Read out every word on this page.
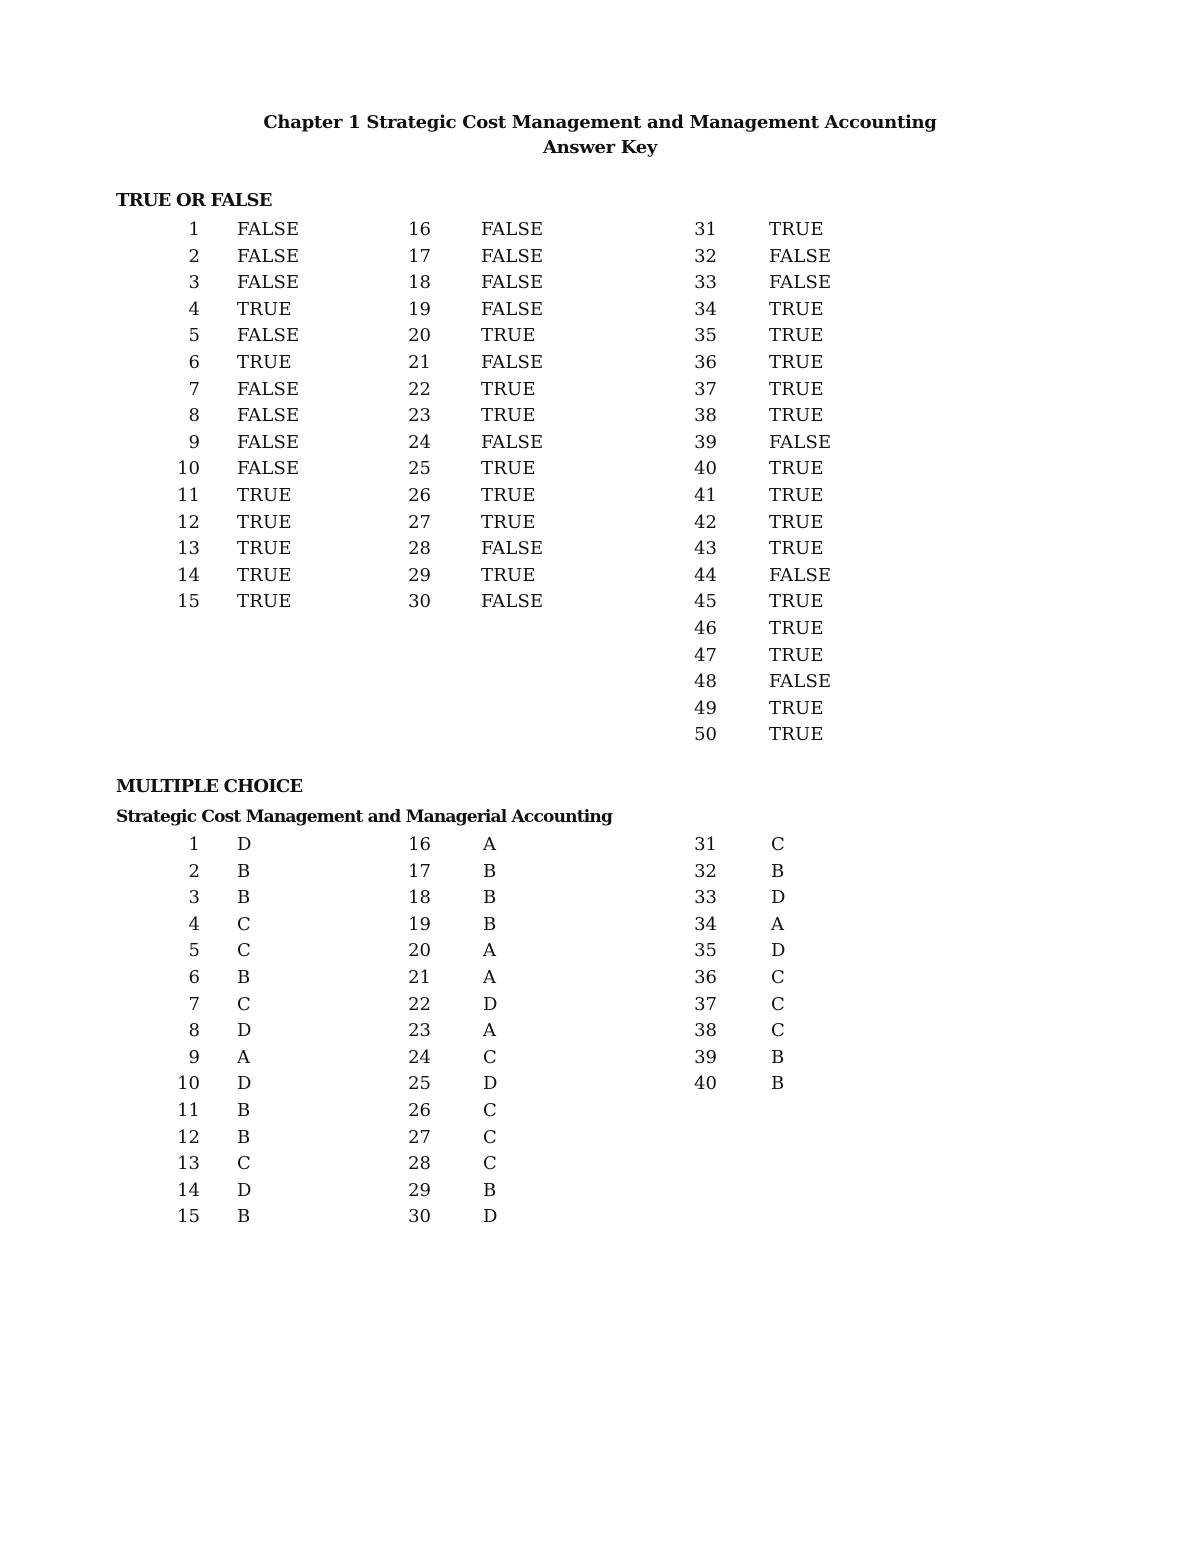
Chapter 1 Strategic Cost Management and Management Accounting
Answer Key
TRUE OR FALSE
1 FALSE
2 FALSE
3 FALSE
4 TRUE
5 FALSE
6 TRUE
7 FALSE
8 FALSE
9 FALSE
10 FALSE
11 TRUE
12 TRUE
13 TRUE
14 TRUE
15 TRUE
16	FALSE
17	FALSE
18	FALSE
19	FALSE
20	TRUE
21	FALSE
22	TRUE
23	TRUE
24	FALSE
25	TRUE
26	TRUE
27	TRUE
28	FALSE
29	TRUE
30	FALSE
31	TRUE
32	FALSE
33	FALSE
34	TRUE
35	TRUE
36	TRUE
37	TRUE
38	TRUE
39	FALSE
40	TRUE
41	TRUE
42	TRUE
43	TRUE
44	FALSE
45	TRUE
46	TRUE
47	TRUE
48	FALSE
49	TRUE
50	TRUE
MULTIPLE CHOICE
Strategic Cost Management and Managerial Accounting
1 D
2 B
3 B
4 C
5 C
6 B
7 C
8 D
9 A
10 D
11 B
12 B
13 C
14 D
15 B
16	A
17	B
18	B
19	B
20	A
21	A
22	D
23	A
24	C
25	D
26	C
27	C
28	C
29	B
30	D
31	C
32	B
33	D
34	A
35	D
36	C
37	C
38	C
39	B
40	B
